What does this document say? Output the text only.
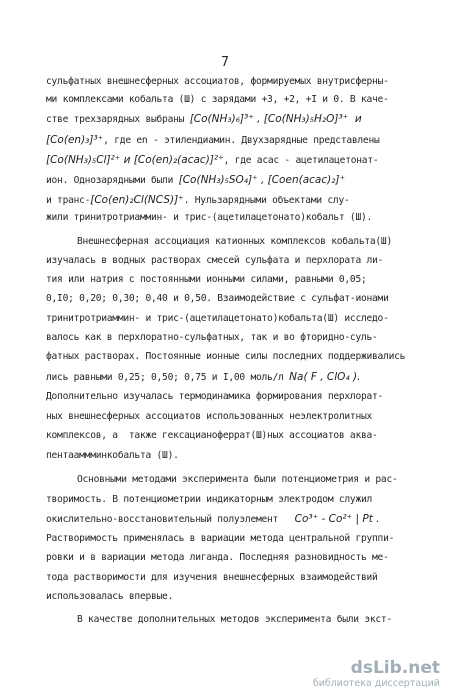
7
сульфатных внешнесферных ассоциатов, формируемых внутрисферны-
ми комплексами кобальта (Ш) с зарядами +3, +2, +I и 0. В каче-
стве трехзарядных выбраны [Co(NH₃)₆]³⁺ , [Co(NH₃)₅H₂O]³⁺  и
[Co(en)₃]³⁺, где en - этилендиамин. Двухзарядные представлены
[Co(NH₃)₅Cl]²⁺ и [Co(en)₂(acac)]²⁺, где acac - ацетилацетонат-
ион. Однозарядными были [Co(NH₃)₅SO₄]⁺ , [Coen(acac)₂]⁺
и транс-[Co(en)₂Cl(NCS)]⁺. Нульзарядными объектами слу-
жили тринитротриаммин- и трис-(ацетилацетонато)кобальт (Ш).
Внешнесферная ассоциация катионных комплексов кобальта(Ш)
изучалась в водных растворах смесей сульфата и перхлората ли-
тия или натрия с постоянными ионными силами, равными 0,05;
0,I0; 0,20; 0,30; 0,40 и 0,50. Взаимодействие с сульфат-ионами
тринитротриаммин- и трис-(ацетилацетонато)кобальта(Ш) исследо-
валось как в перхлоратно-сульфатных, так и во фторидно-суль-
фатных растворах. Постоянные ионные силы последних поддерживались
лись равными 0,25; 0,50; 0,75 и I,00 моль/л Na( F , ClO₄ ).
Дополнительно изучалась термодинамика формирования перхлорат-
ных внешнесферных ассоциатов использованных неэлектролитных
комплексов, а  также гексацианоферрат(Ш)ных ассоциатов аква-
пентааммминкобальта (Ш).
Основными методами эксперимента были потенциометрия и рас-
творимость. В потенциометрии индикаторным электродом служил
окислительно-восстановительный полуэлемент   Co³⁺ - Co²⁺ | Pt .
Растворимость применялась в вариации метода центральной группи-
ровки и в вариации метода лиганда. Последняя разновидность ме-
тода растворимости для изучения внешнесферных взаимодействий
использовалась впервые.
В качестве дополнительных методов эксперимента были экст-
dsLib.net
библиотека диссертаций
